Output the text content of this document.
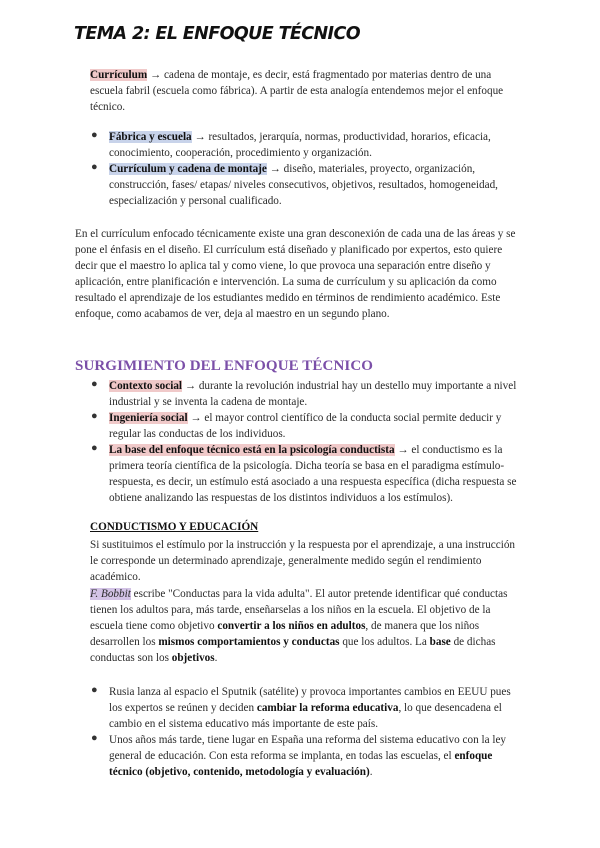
TEMA 2: EL ENFOQUE TÉCNICO

Currículum → cadena de montaje, es decir, está fragmentado por materias dentro de una escuela fabril (escuela como fábrica). A partir de esta analogía entendemos mejor el enfoque técnico.

● Fábrica y escuela → resultados, jerarquía, normas, productividad, horarios, eficacia, conocimiento, cooperación, procedimiento y organización.

● Currículum y cadena de montaje → diseño, materiales, proyecto, organización, construcción, fases/ etapas/ niveles consecutivos, objetivos, resultados, homogeneidad, especialización y personal cualificado.

En el currículum enfocado técnicamente existe una gran desconexión de cada una de las áreas y se pone el énfasis en el diseño. El currículum está diseñado y planificado por expertos, esto quiere decir que el maestro lo aplica tal y como viene, lo que provoca una separación entre diseño y aplicación, entre planificación e intervención. La suma de currículum y su aplicación da como resultado el aprendizaje de los estudiantes medido en términos de rendimiento académico. Este enfoque, como acabamos de ver, deja al maestro en un segundo plano.

SURGIMIENTO DEL ENFOQUE TÉCNICO
● Contexto social → durante la revolución industrial hay un destello muy importante a nivel industrial y se inventa la cadena de montaje.

● Ingeniería social → el mayor control científico de la conducta social permite deducir y regular las conductas de los individuos.

● La base del enfoque técnico está en la psicología conductista → el conductismo es la primera teoría científica de la psicología. Dicha teoría se basa en el paradigma estímulo-respuesta, es decir, un estímulo está asociado a una respuesta específica (dicha respuesta se obtiene analizando las respuestas de los distintos individuos a los estímulos).

CONDUCTISMO Y EDUCACIÓN

Si sustituimos el estímulo por la instrucción y la respuesta por el aprendizaje, a una instrucción le corresponde un determinado aprendizaje, generalmente medido según el rendimiento académico.

F. Bobbit escribe "Conductas para la vida adulta". El autor pretende identificar qué conductas tienen los adultos para, más tarde, enseñarselas a los niños en la escuela. El objetivo de la escuela tiene como objetivo convertir a los niños en adultos, de manera que los niños desarrollen los mismos comportamientos y conductas que los adultos. La base de dichas conductas son los objetivos.

● Rusia lanza al espacio el Sputnik (satélite) y provoca importantes cambios en EEUU pues los expertos se reúnen y deciden cambiar la reforma educativa, lo que desencadena el cambio en el sistema educativo más importante de este país.

● Unos años más tarde, tiene lugar en España una reforma del sistema educativo con la ley general de educación. Con esta reforma se implanta, en todas las escuelas, el enfoque técnico (objetivo, contenido, metodología y evaluación).
